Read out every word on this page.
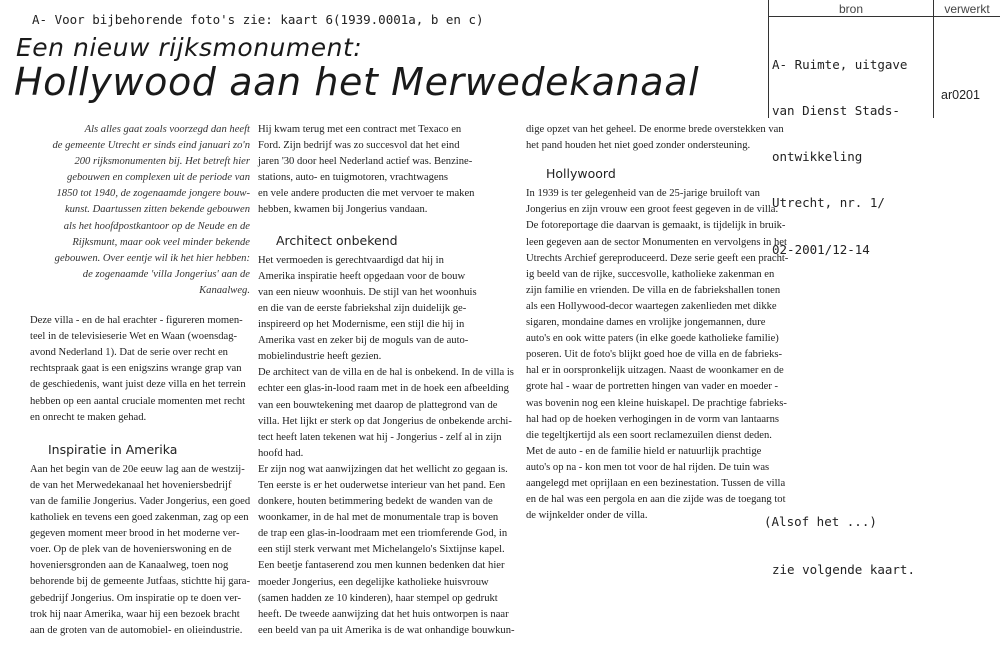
A- Voor bijbehorende foto's zie: kaart 6(1939.0001a, b en c)
Een nieuw rijksmonument:
Hollywood aan het Merwedekanaal
bron	verwerkt

A- Ruimte, uitgave

van Dienst Stads-

ontwikkeling

Utrecht, nr. 1/

02-2001/12-14

ar0201
Als alles gaat zoals voorzegd dan heeft
de gemeente Utrecht er sinds eind januari zo'n
200 rijksmonumenten bij. Het betreft hier
gebouwen en complexen uit de periode van
1850 tot 1940, de zogenaamde jongere bouw-
kunst. Daartussen zitten bekende gebouwen
als het hoofdpostkantoor op de Neude en de
Rijksmunt, maar ook veel minder bekende
gebouwen. Over eentje wil ik het hier hebben:
de zogenaamde 'villa Jongerius' aan de
Kanaalweg.
Deze villa - en de hal erachter - figureren momen-
teel in de televisieserie Wet en Waan (woensdag-
avond Nederland 1). Dat de serie over recht en
rechtspraak gaat is een enigszins wrange grap van
de geschiedenis, want juist deze villa en het terrein
hebben op een aantal cruciale momenten met recht
en onrecht te maken gehad.
Inspiratie in Amerika
Aan het begin van de 20e eeuw lag aan de westzij-
de van het Merwedekanaal het hoveniersbedrijf
van de familie Jongerius. Vader Jongerius, een goed
katholiek en tevens een goed zakenman, zag op een
gegeven moment meer brood in het moderne ver-
voer. Op de plek van de hovenierswoning en de
hoveniersgronden aan de Kanaalweg, toen nog
behorende bij de gemeente Jutfaas, stichtte hij gara-
gebedrijf Jongerius. Om inspiratie op te doen ver-
trok hij naar Amerika, waar hij een bezoek bracht
aan de groten van de automobiel- en olieindustrie.
Hij kwam terug met een contract met Texaco en
Ford. Zijn bedrijf was zo succesvol dat het eind
jaren '30 door heel Nederland actief was. Benzine-
stations, auto- en tuigmotoren, vrachtwagens
en vele andere producten die met vervoer te maken
hebben, kwamen bij Jongerius vandaan.
Architect onbekend
Het vermoeden is gerechtvaardigd dat hij in
Amerika inspiratie heeft opgedaan voor de bouw
van een nieuw woonhuis. De stijl van het woonhuis
en die van de eerste fabriekshal zijn duidelijk ge-
inspireerd op het Modernisme, een stijl die hij in
Amerika vast en zeker bij de moguls van de auto-
mobielindustrie heeft gezien.
De architect van de villa en de hal is onbekend. In de villa is
echter een glas-in-lood raam met in de hoek een afbeelding
van een bouwtekening met daarop de plattegrond van de
villa. Het lijkt er sterk op dat Jongerius de onbekende archi-
tect heeft laten tekenen wat hij - Jongerius - zelf al in zijn
hoofd had.
Er zijn nog wat aanwijzingen dat het wellicht zo gegaan is.
Ten eerste is er het ouderwetse interieur van het pand. Een
donkere, houten betimmering bedekt de wanden van de
woonkamer, in de hal met de monumentale trap is boven
de trap een glas-in-loodraam met een triomferende God, in
een stijl sterk verwant met Michelangelo's Sixtijnse kapel.
Een beetje fantaserend zou men kunnen bedenken dat hier
moeder Jongerius, een degelijke katholieke huisvrouw
(samen hadden ze 10 kinderen), haar stempel op gedrukt
heeft. De tweede aanwijzing dat het huis ontworpen is naar
een beeld van pa uit Amerika is de wat onhandige bouwkun-
dige opzet van het geheel. De enorme brede overstekken van
het pand houden het niet goed zonder ondersteuning.
Hollywoord
In 1939 is ter gelegenheid van de 25-jarige bruiloft van
Jongerius en zijn vrouw een groot feest gegeven in de villa.
De fotoreportage die daarvan is gemaakt, is tijdelijk in bruik-
leen gegeven aan de sector Monumenten en vervolgens in het
Utrechts Archief gereproduceerd. Deze serie geeft een pracht-
ig beeld van de rijke, succesvolle, katholieke zakenman en
zijn familie en vrienden. De villa en de fabriekshallen tonen
als een Hollywood-decor waartegen zakenlieden met dikke
sigaren, mondaine dames en vrolijke jongemannen, dure
auto's en ook witte paters (in elke goede katholieke familie)
poseren. Uit de foto's blijkt goed hoe de villa en de fabrieks-
hal er in oorspronkelijk uitzagen. Naast de woonkamer en de
grote hal - waar de portretten hingen van vader en moeder -
was bovenin nog een kleine huiskapel. De prachtige fabrieks-
hal had op de hoeken verhogingen in de vorm van lantaarns
die tegeltjkertijd als een soort reclamezuilen dienst deden.
Met de auto - en de familie hield er natuurlijk prachtige
auto's op na - kon men tot voor de hal rijden. De tuin was
aangelegd met oprijlaan en een bezinestation. Tussen de villa
en de hal was een pergola en aan die zijde was de toegang tot
de wijnkelder onder de villa.

	(Alsof het ...)

zie volgende kaart.
